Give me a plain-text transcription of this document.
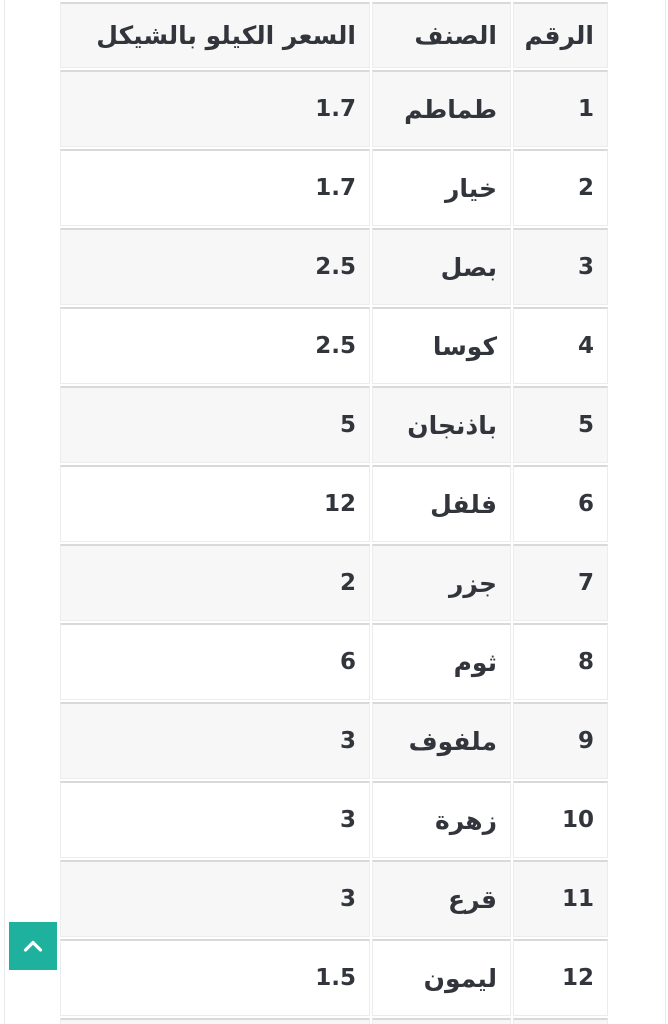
الرقم	الصنف	السعر الكيلو بالشيكل
1	طماطم	1.7
2	خيار	1.7
3	بصل	2.5
4	كوسا	2.5
5	باذنجان	5
6	فلفل	12
7	جزر	2
8	ثوم	6
9	ملفوف	3
10	زهرة	3
11	قرع	3
12	ليمون	1.5
